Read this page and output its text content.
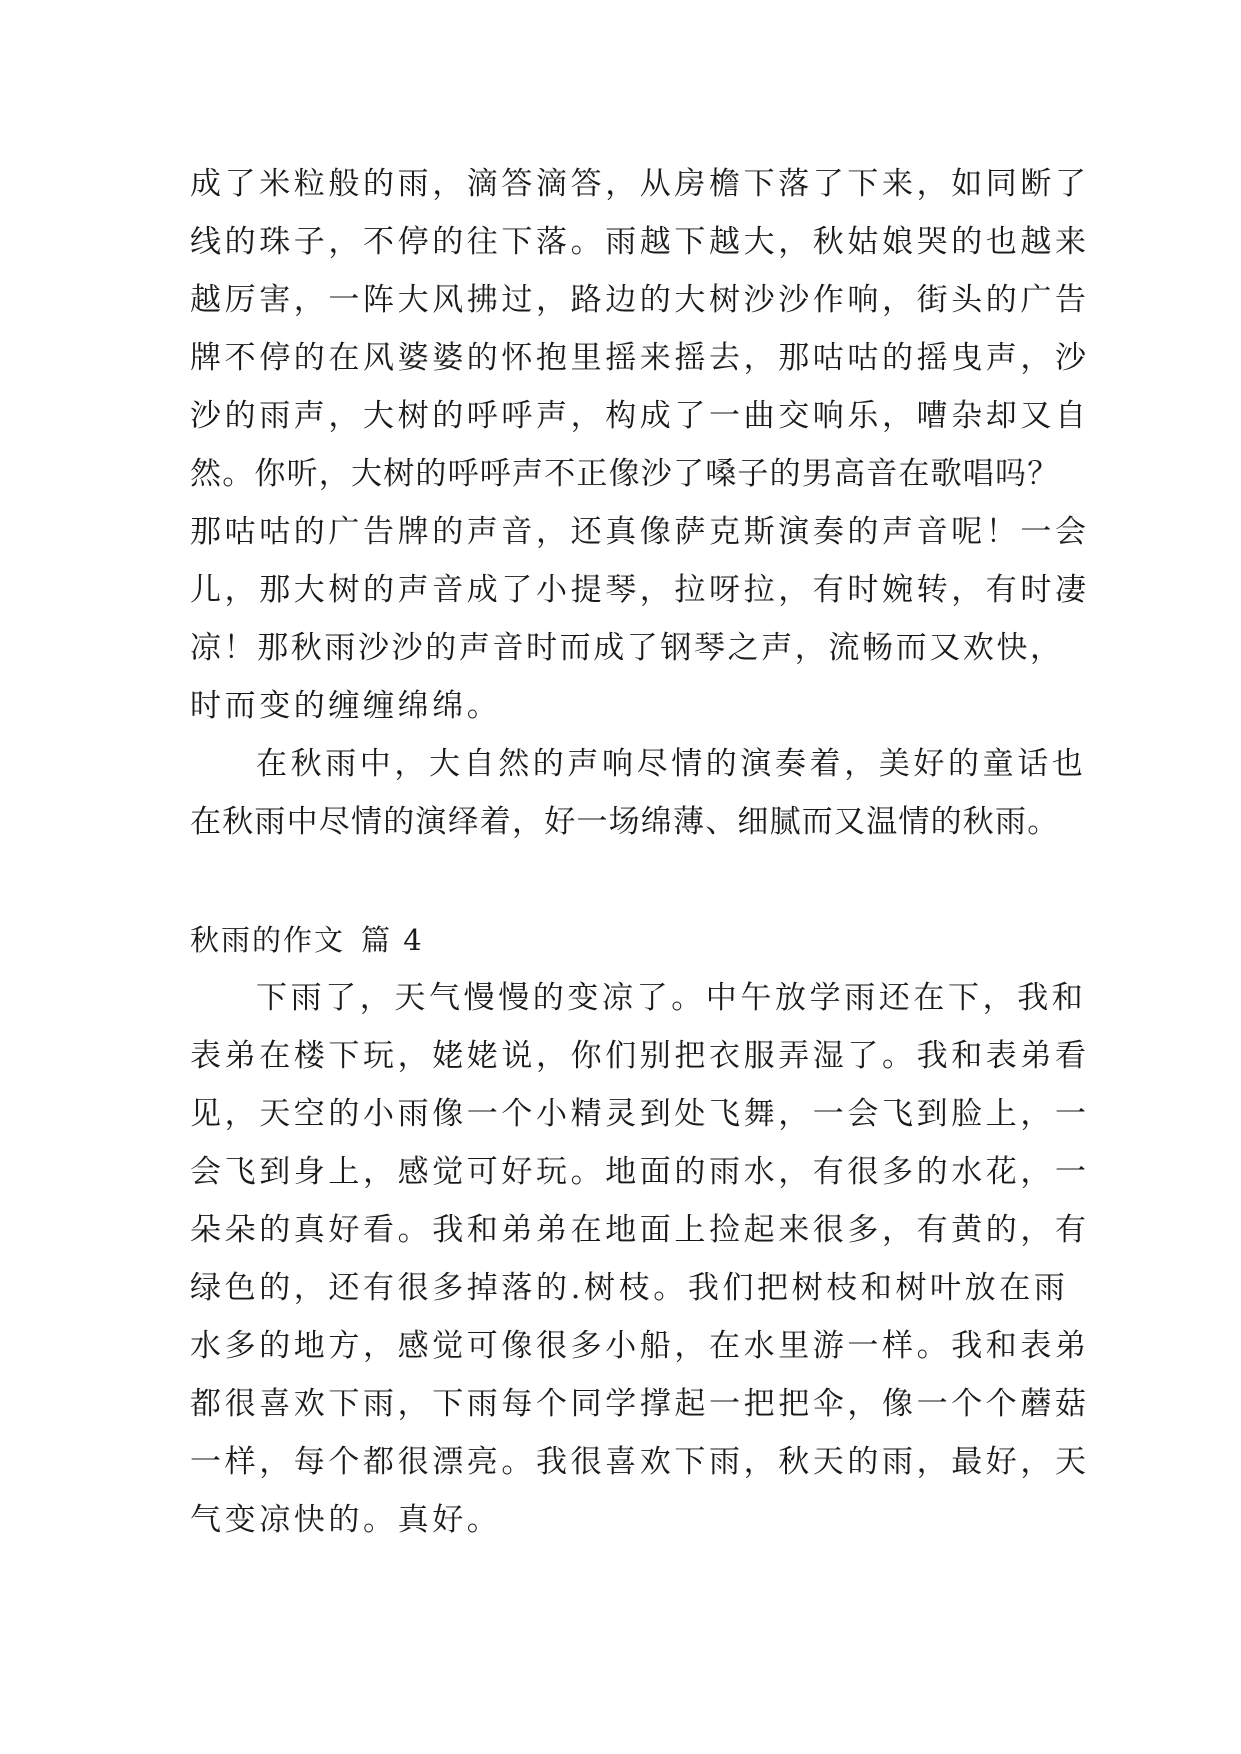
成了米粒般的雨，滴答滴答，从房檐下落了下来，如同断了
线的珠子，不停的往下落。雨越下越大，秋姑娘哭的也越来
越厉害，一阵大风拂过，路边的大树沙沙作响，街头的广告
牌不停的在风婆婆的怀抱里摇来摇去，那咕咕的摇曳声，沙
沙的雨声，大树的呼呼声，构成了一曲交响乐，嘈杂却又自
然。你听，大树的呼呼声不正像沙了嗓子的男高音在歌唱吗？
那咕咕的广告牌的声音，还真像萨克斯演奏的声音呢！一会
儿，那大树的声音成了小提琴，拉呀拉，有时婉转，有时凄
凉！那秋雨沙沙的声音时而成了钢琴之声，流畅而又欢快，
时而变的缠缠绵绵。
在秋雨中，大自然的声响尽情的演奏着，美好的童话也
在秋雨中尽情的演绎着，好一场绵薄、细腻而又温情的秋雨。
秋雨的作文 篇 4
下雨了，天气慢慢的变凉了。中午放学雨还在下，我和
表弟在楼下玩，姥姥说，你们别把衣服弄湿了。我和表弟看
见，天空的小雨像一个小精灵到处飞舞，一会飞到脸上，一
会飞到身上，感觉可好玩。地面的雨水，有很多的水花，一
朵朵的真好看。我和弟弟在地面上捡起来很多，有黄的，有
绿色的，还有很多掉落的.树枝。我们把树枝和树叶放在雨
水多的地方，感觉可像很多小船，在水里游一样。我和表弟
都很喜欢下雨，下雨每个同学撑起一把把伞，像一个个蘑菇
一样，每个都很漂亮。我很喜欢下雨，秋天的雨，最好，天
气变凉快的。真好。
